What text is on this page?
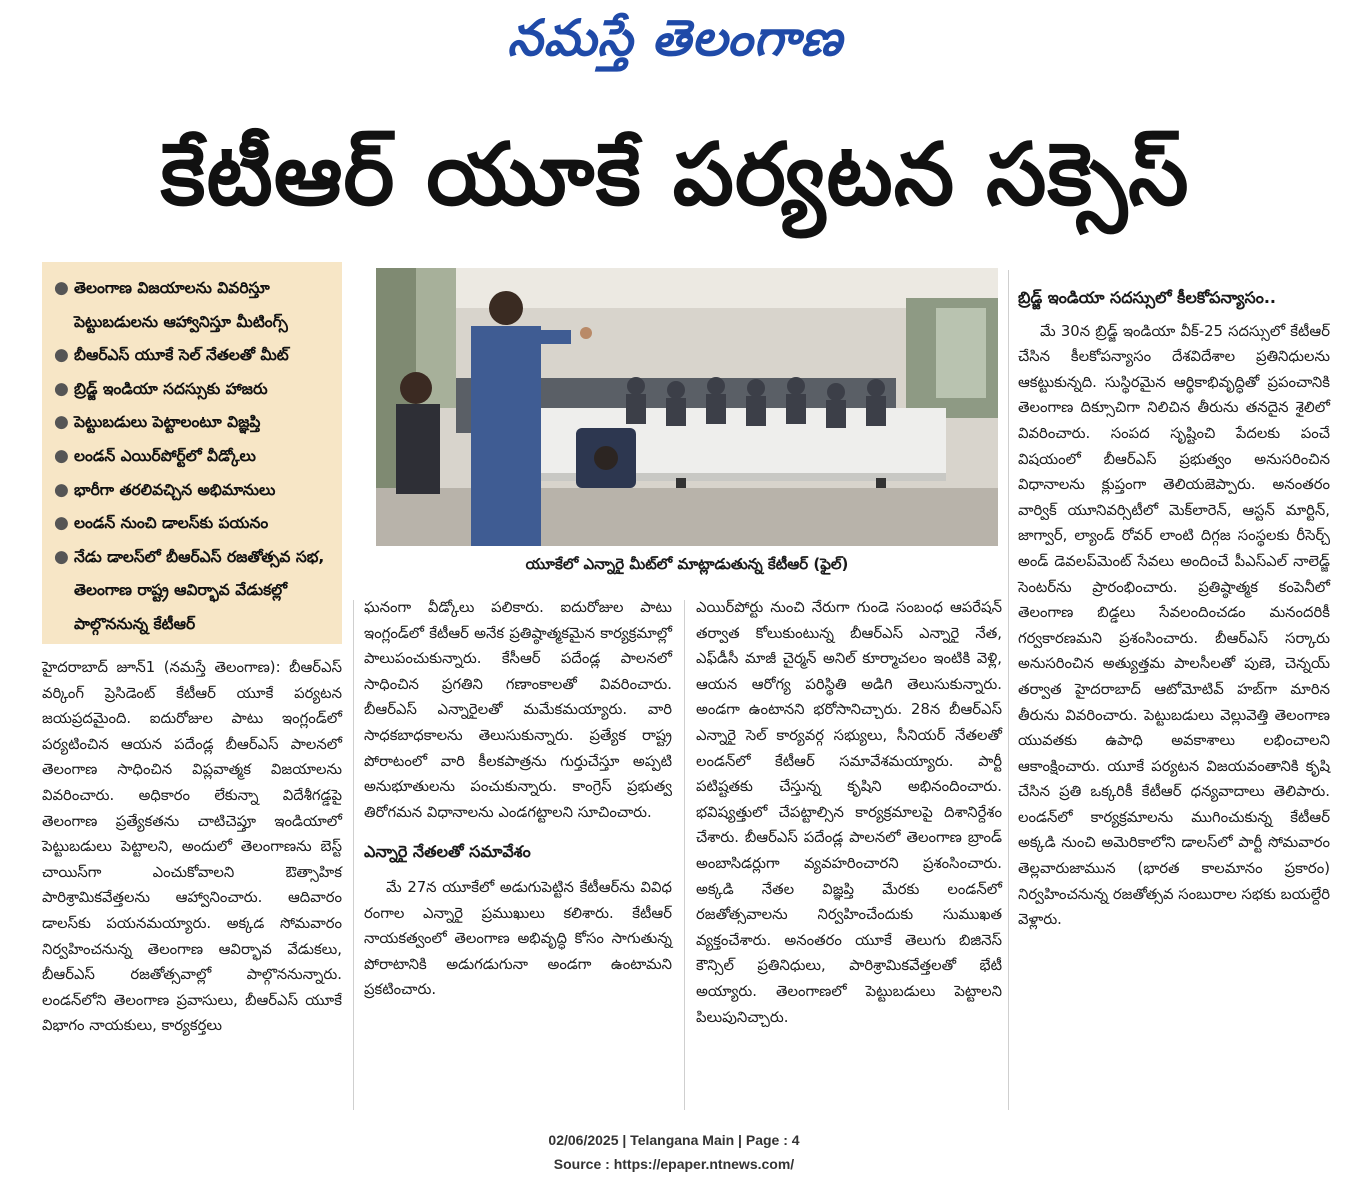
నమస్తే తెలంగాణ
కేటీఆర్ యూకే పర్యటన సక్సెస్
● తెలంగాణ విజయాలను వివరిస్తూ పెట్టుబడులను ఆహ్వానిస్తూ మీటింగ్స్
● బీఆర్ఎస్ యూకే సెల్ నేతలతో మీట్
● బ్రిడ్జ్ ఇండియా సదస్సుకు హాజరు
● పెట్టుబడులు పెట్టాలంటూ విజ్ఞప్తి
● లండన్ ఎయిర్‌పోర్ట్‌లో వీడ్కోలు
● భారీగా తరలివచ్చిన అభిమానులు
● లండన్ నుంచి డాలస్‌కు పయనం
● నేడు డాలస్‌లో బీఆర్ఎస్ రజతోత్సవ సభ, తెలంగాణ రాష్ట్ర ఆవిర్భావ వేడుకల్లో పాల్గొననున్న కేటీఆర్
యూకేలో ఎన్నారై మీట్‌లో మాట్లాడుతున్న కేటీఆర్ (ఫైల్)

హైదరాబాద్ జూన్1 (నమస్తే తెలంగాణ): బీఆర్ఎస్ వర్కింగ్ ప్రెసిడెంట్ కేటీఆర్ యూకే పర్యటన జయప్రదమైంది. ఐదురోజుల పాటు ఇంగ్లండ్‌లో పర్యటించిన ఆయన పదేండ్ల బీఆర్ఎస్ పాలనలో తెలంగాణ సాధించిన విప్లవాత్మక విజయాలను వివరించారు. అధికారం లేకున్నా విదేశీగడ్డపై తెలంగాణ ప్రత్యేకతను చాటిచెప్తూ ఇండియాలో పెట్టుబడులు పెట్టాలని, అందులో తెలంగాణను బెస్ట్ చాయిస్‌గా ఎంచుకోవాలని ఔత్సాహిక పారిశ్రామికవేత్తలను ఆహ్వానించారు. ఆదివారం డాలస్‌కు పయనమయ్యారు. అక్కడ సోమవారం నిర్వహించనున్న తెలంగాణ ఆవిర్భావ వేడుకలు, బీఆర్ఎస్ రజతోత్సవాల్లో పాల్గొననున్నారు. లండన్‌లోని తెలంగాణ ప్రవాసులు, బీఆర్ఎస్ యూకే విభాగం నాయకులు, కార్యకర్తలు

ఘనంగా వీడ్కోలు పలికారు. ఐదురోజుల పాటు ఇంగ్లండ్‌లో కేటీఆర్ అనేక ప్రతిష్ఠాత్మకమైన కార్యక్రమాల్లో పాలుపంచుకున్నారు. కేసీఆర్ పదేండ్ల పాలనలో సాధించిన ప్రగతిని గణాంకాలతో వివరించారు. బీఆర్ఎస్ ఎన్నారైలతో మమేకమయ్యారు. వారి సాధకబాధకాలను తెలుసుకున్నారు. ప్రత్యేక రాష్ట్ర పోరాటంలో వారి కీలకపాత్రను గుర్తుచేస్తూ అప్పటి అనుభూతులను పంచుకున్నారు. కాంగ్రెస్ ప్రభుత్వ తిరోగమన విధానాలను ఎండగట్టాలని సూచించారు.

ఎన్నారై నేతలతో సమావేశం

మే 27న యూకేలో అడుగుపెట్టిన కేటీఆర్‌ను వివిధ రంగాల ఎన్నారై ప్రముఖులు కలిశారు. కేటీఆర్ నాయకత్వంలో తెలంగాణ అభివృద్ధి కోసం సాగుతున్న పోరాటానికి అడుగడుగునా అండగా ఉంటామని ప్రకటించారు.

ఎయిర్‌పోర్టు నుంచి నేరుగా గుండె సంబంధ ఆపరేషన్ తర్వాత కోలుకుంటున్న బీఆర్ఎస్ ఎన్నారై నేత, ఎఫ్‌డీసీ మాజీ చైర్మన్ అనిల్ కూర్మాచలం ఇంటికి వెళ్లి, ఆయన ఆరోగ్య పరిస్థితి అడిగి తెలుసుకున్నారు. అండగా ఉంటానని భరోసానిచ్చారు. 28న బీఆర్ఎస్ ఎన్నారై సెల్ కార్యవర్గ సభ్యులు, సీనియర్ నేతలతో లండన్‌లో కేటీఆర్ సమావేశమయ్యారు. పార్టీ పటిష్టతకు చేస్తున్న కృషిని అభినందించారు. భవిష్యత్తులో చేపట్టాల్సిన కార్యక్రమాలపై దిశానిర్దేశం చేశారు. బీఆర్ఎస్ పదేండ్ల పాలనలో తెలంగాణ బ్రాండ్ అంబాసిడర్లుగా వ్యవహరించారని ప్రశంసించారు. అక్కడి నేతల విజ్ఞప్తి మేరకు లండన్‌లో రజతోత్సవాలను నిర్వహించేందుకు సుముఖత వ్యక్తంచేశారు. అనంతరం యూకే తెలుగు బిజినెస్ కౌన్సిల్ ప్రతినిధులు, పారిశ్రామికవేత్తలతో భేటీ అయ్యారు. తెలంగాణలో పెట్టుబడులు పెట్టాలని పిలుపునిచ్చారు.

బ్రిడ్జ్ ఇండియా సదస్సులో కీలకోపన్యాసం..

మే 30న బ్రిడ్జ్ ఇండియా వీక్-25 సదస్సులో కేటీఆర్ చేసిన కీలకోపన్యాసం దేశవిదేశాల ప్రతినిధులను ఆకట్టుకున్నది. సుస్థిరమైన ఆర్థికాభివృద్ధితో ప్రపంచానికి తెలంగాణ దిక్సూచిగా నిలిచిన తీరును తనదైన శైలిలో వివరించారు. సంపద సృష్టించి పేదలకు పంచే విషయంలో బీఆర్ఎస్ ప్రభుత్వం అనుసరించిన విధానాలను క్లుప్తంగా తెలియజెప్పారు. అనంతరం వార్విక్ యూనివర్సిటీలో మెక్‌లారెన్, ఆస్టన్ మార్టిన్, జాగ్వార్, ల్యాండ్ రోవర్ లాంటి దిగ్గజ సంస్థలకు రీసెర్చ్ అండ్ డెవలప్‌మెంట్ సేవలు అందించే పీఎస్ఎల్ నాలెడ్జ్ సెంటర్‌ను ప్రారంభించారు. ప్రతిష్ఠాత్మక కంపెనీలో తెలంగాణ బిడ్డలు సేవలందించడం మనందరికీ గర్వకారణమని ప్రశంసించారు. బీఆర్ఎస్ సర్కారు అనుసరించిన అత్యుత్తమ పాలసీలతో పుణె, చెన్నయ్ తర్వాత హైదరాబాద్ ఆటోమోటివ్ హబ్‌గా మారిన తీరును వివరించారు. పెట్టుబడులు వెల్లువెత్తి తెలంగాణ యువతకు ఉపాధి అవకాశాలు లభించాలని ఆకాంక్షించారు. యూకే పర్యటన విజయవంతానికి కృషి చేసిన ప్రతి ఒక్కరికీ కేటీఆర్ ధన్యవాదాలు తెలిపారు. లండన్‌లో కార్యక్రమాలను ముగించుకున్న కేటీఆర్ అక్కడి నుంచి అమెరికాలోని డాలస్‌లో పార్టీ సోమవారం తెల్లవారుజామున (భారత కాలమానం ప్రకారం) నిర్వహించనున్న రజతోత్సవ సంబురాల సభకు బయల్దేరి వెళ్లారు.

02/06/2025 | Telangana Main | Page : 4
Source : https://epaper.ntnews.com/
